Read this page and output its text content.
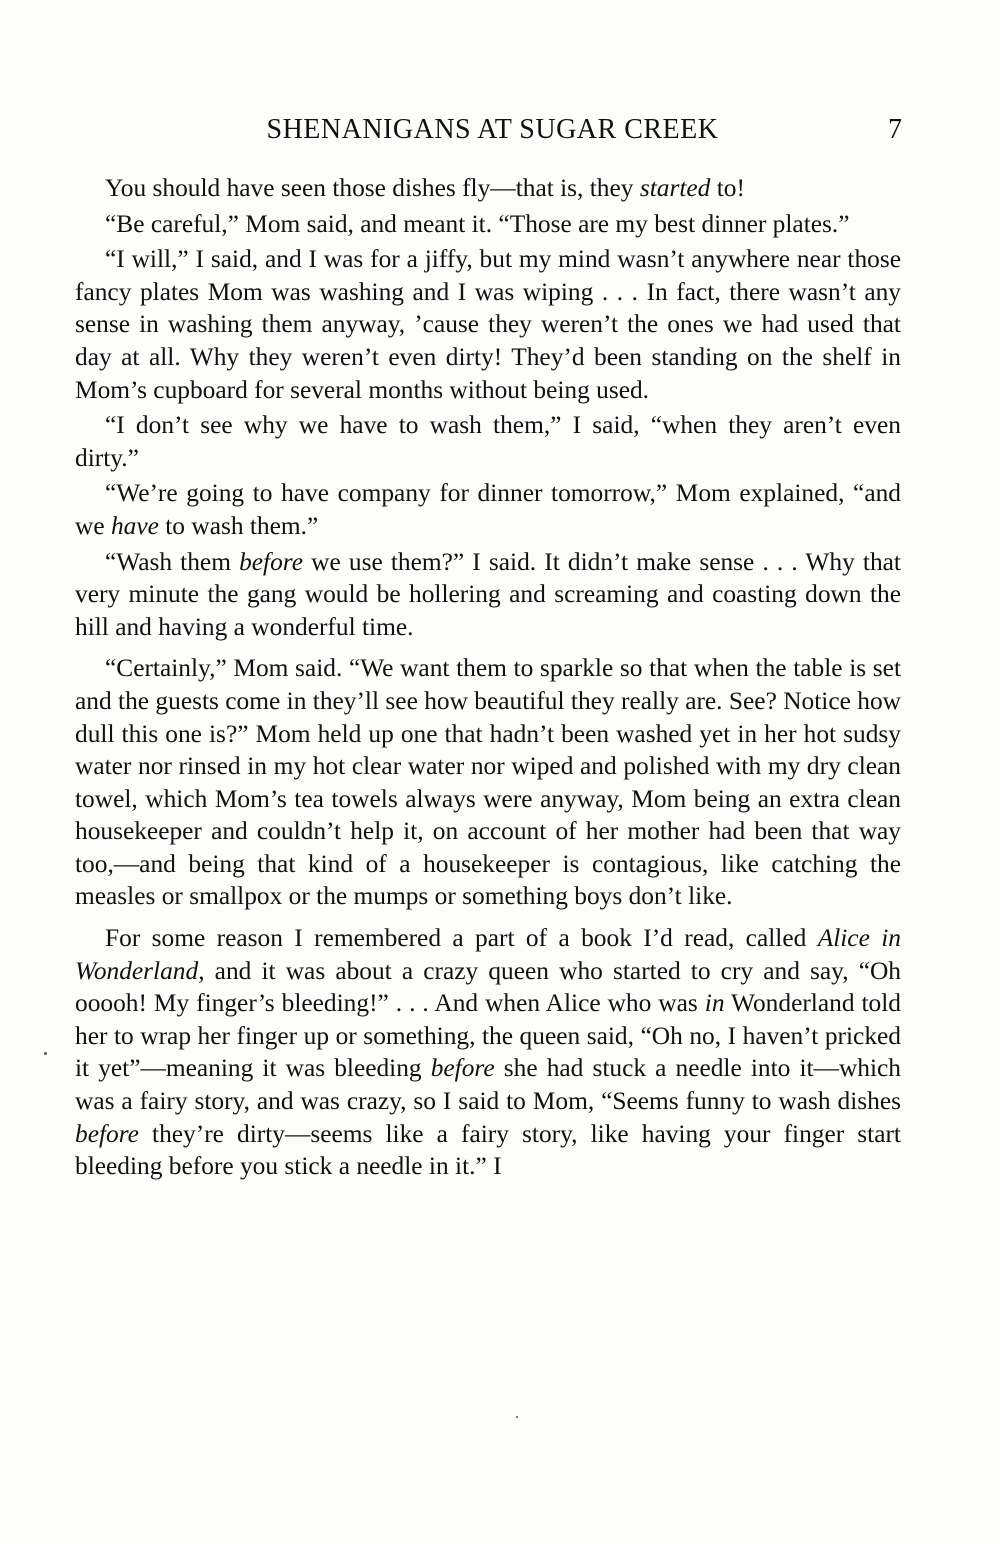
SHENANIGANS AT SUGAR CREEK	7

You should have seen those dishes fly—that is, they started to!

“Be careful,” Mom said, and meant it. “Those are my best dinner plates.”

“I will,” I said, and I was for a jiffy, but my mind wasn’t anywhere near those fancy plates Mom was washing and I was wiping . . . In fact, there wasn’t any sense in washing them anyway, ’cause they weren’t the ones we had used that day at all. Why they weren’t even dirty! They’d been standing on the shelf in Mom’s cupboard for several months without being used.

“I don’t see why we have to wash them,” I said, “when they aren’t even dirty.”

“We’re going to have company for dinner tomorrow,” Mom explained, “and we have to wash them.”

“Wash them before we use them?” I said. It didn’t make sense . . . Why that very minute the gang would be hollering and screaming and coasting down the hill and having a wonderful time.

“Certainly,” Mom said. “We want them to sparkle so that when the table is set and the guests come in they’ll see how beautiful they really are. See? Notice how dull this one is?” Mom held up one that hadn’t been washed yet in her hot sudsy water nor rinsed in my hot clear water nor wiped and polished with my dry clean towel, which Mom’s tea towels always were anyway, Mom being an extra clean housekeeper and couldn’t help it, on account of her mother had been that way too,—and being that kind of a housekeeper is contagious, like catching the measles or smallpox or the mumps or something boys don’t like.

For some reason I remembered a part of a book I’d read, called Alice in Wonderland, and it was about a crazy queen who started to cry and say, “Oh ooooh! My finger’s bleeding!” . . . And when Alice who was in Wonderland told her to wrap her finger up or something, the queen said, “Oh no, I haven’t pricked it yet”—meaning it was bleeding before she had stuck a needle into it—which was a fairy story, and was crazy, so I said to Mom, “Seems funny to wash dishes before they’re dirty—seems like a fairy story, like having your finger start bleeding before you stick a needle in it.” I
